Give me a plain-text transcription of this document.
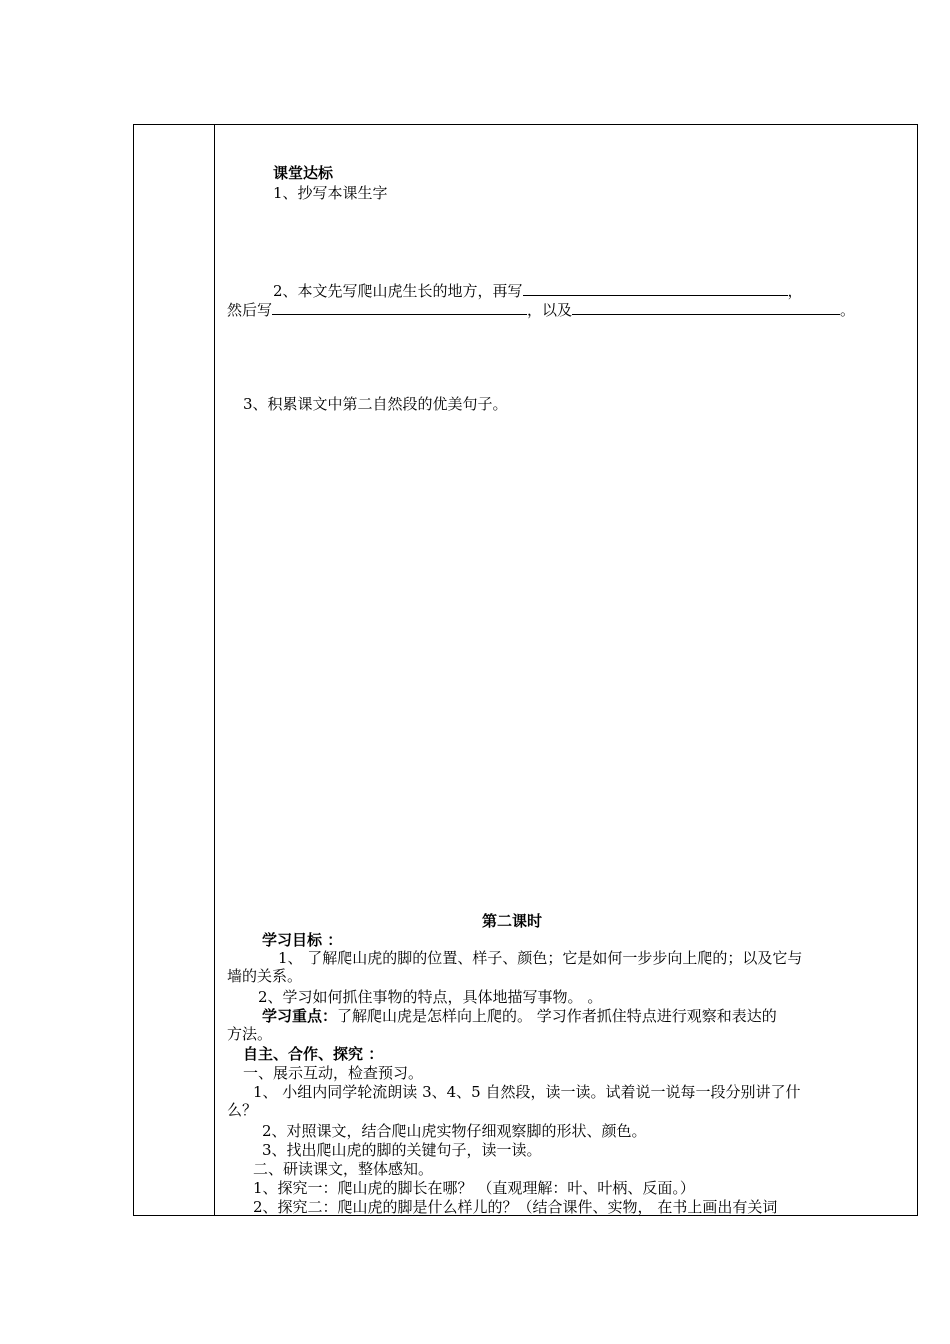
课堂达标
1、抄写本课生字
2、本文先写爬山虎生长的地方，再写	，
然后写	，以及	。
3、积累课文中第二自然段的优美句子。
第二课时
学习目标 ：
1、 了解爬山虎的脚的位置、样子、颜色；它是如何一步步向上爬的；以及它与
墙的关系。
2、学习如何抓住事物的特点，具体地描写事物。 。
学习重点：了解爬山虎是怎样向上爬的。 学习作者抓住特点进行观察和表达的
方法。
自主、合作、探究 ：
一、展示互动，检查预习。
1、 小组内同学轮流朗读 3、4、5 自然段，读一读。试着说一说每一段分别讲了什
么？
2、对照课文，结合爬山虎实物仔细观察脚的形状、颜色。
3、找出爬山虎的脚的关键句子，读一读。
二、研读课文，整体感知。
1、探究一：爬山虎的脚长在哪？ （直观理解：叶、叶柄、反面。）
2、探究二：爬山虎的脚是什么样儿的？（结合课件、实物， 在书上画出有关词
